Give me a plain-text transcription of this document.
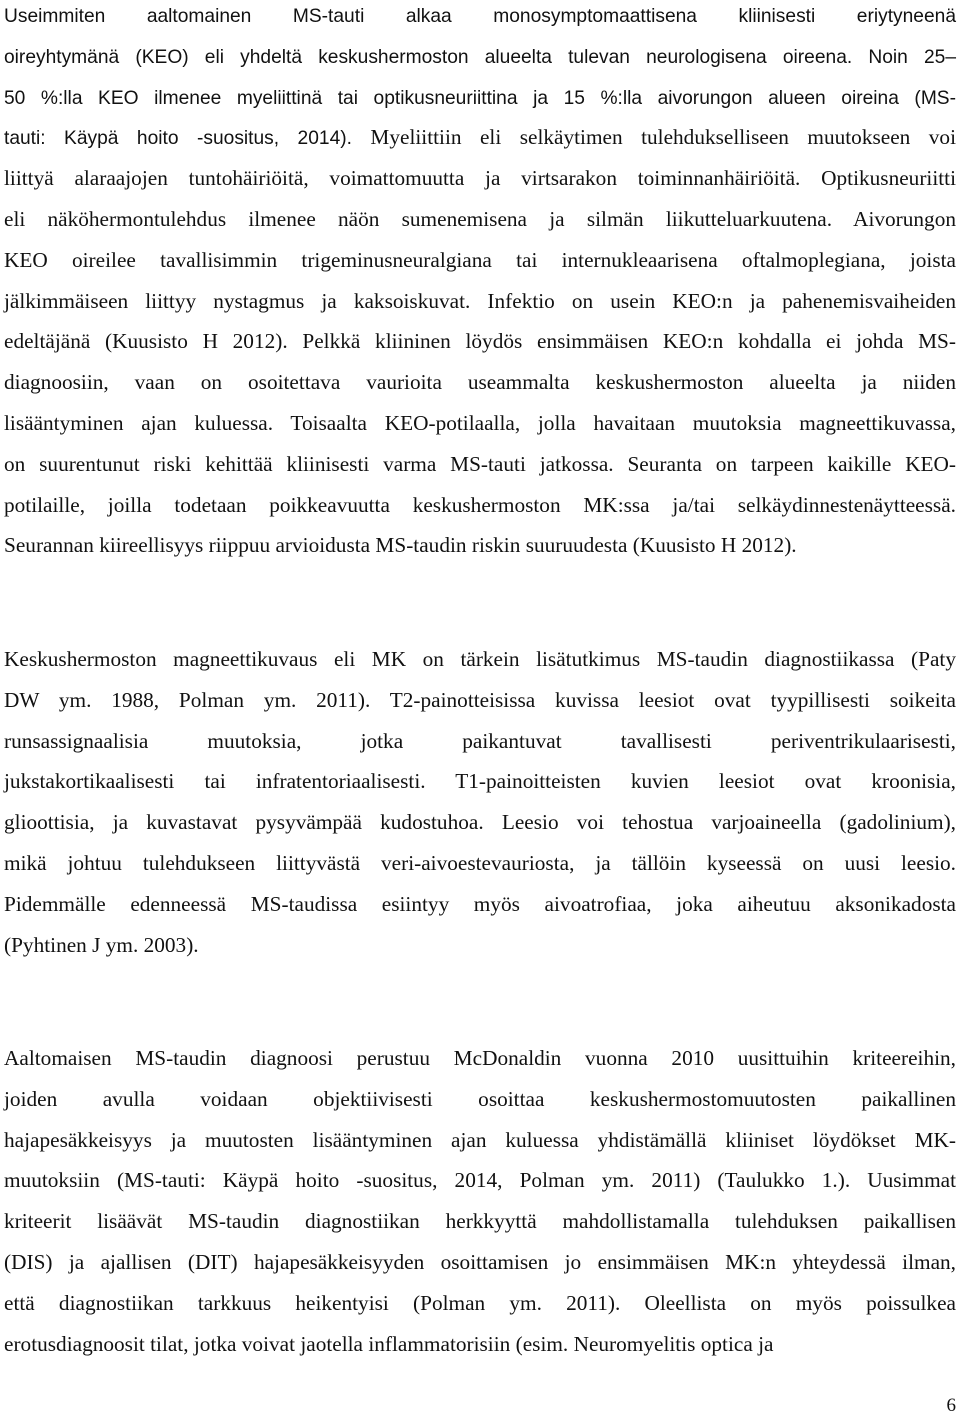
Useimmiten aaltomainen MS-tauti alkaa monosymptomaattisena kliinisesti eriytyneenä
oireyhtymänä (KEO) eli yhdeltä keskushermoston alueelta tulevan neurologisena oireena. Noin 25–
50 %:lla KEO ilmenee myeliittinä tai optikusneuriittina ja 15 %:lla aivorungon alueen oireina (MS-
tauti: Käypä hoito -suositus, 2014). Myeliittiin eli selkäytimen tulehdukselliseen muutokseen voi
liittyä alaraajojen tuntohäiriöitä, voimattomuutta ja virtsarakon toiminnanhäiriöitä. Optikusneuriitti
eli näköhermontulehdus ilmenee näön sumenemisena ja silmän liikutteluarkuutena. Aivorungon
KEO oireilee tavallisimmin trigeminusneuralgiana tai internukleaarisena oftalmoplegiana, joista
jälkimmäiseen liittyy nystagmus ja kaksoiskuvat. Infektio on usein KEO:n ja pahenemisvaiheiden
edeltäjänä (Kuusisto H 2012). Pelkkä kliininen löydös ensimmäisen KEO:n kohdalla ei johda MS-
diagnoosiin, vaan on osoitettava vaurioita useammalta keskushermoston alueelta ja niiden
lisääntyminen ajan kuluessa. Toisaalta KEO-potilaalla, jolla havaitaan muutoksia magneettikuvassa,
on suurentunut riski kehittää kliinisesti varma MS-tauti jatkossa. Seuranta on tarpeen kaikille KEO-
potilaille, joilla todetaan poikkeavuutta keskushermoston MK:ssa ja/tai selkäydinnestenäytteessä.
Seurannan kiireellisyys riippuu arvioidusta MS-taudin riskin suuruudesta (Kuusisto H 2012).
Keskushermoston magneettikuvaus eli MK on tärkein lisätutkimus MS-taudin diagnostiikassa (Paty
DW ym. 1988, Polman ym. 2011). T2-painotteisissa kuvissa leesiot ovat tyypillisesti soikeita
runsassignaalisia muutoksia, jotka paikantuvat tavallisesti periventrikulaarisesti,
jukstakortikaalisesti tai infratentoriaalisesti. T1-painoitteisten kuvien leesiot ovat kroonisia,
glioottisia, ja kuvastavat pysyvämpää kudostuhoa. Leesio voi tehostua varjoaineella (gadolinium),
mikä johtuu tulehdukseen liittyvästä veri-aivoestevauriosta, ja tällöin kyseessä on uusi leesio.
Pidemmälle edenneessä MS-taudissa esiintyy myös aivoatrofiaa, joka aiheutuu aksonikadosta
(Pyhtinen J ym. 2003).
Aaltomaisen MS-taudin diagnoosi perustuu McDonaldin vuonna 2010 uusittuihin kriteereihin,
joiden avulla voidaan objektiivisesti osoittaa keskushermostomuutosten paikallinen
hajapesäkkeisyys ja muutosten lisääntyminen ajan kuluessa yhdistämällä kliiniset löydökset MK-
muutoksiin (MS-tauti: Käypä hoito -suositus, 2014, Polman ym. 2011) (Taulukko 1.). Uusimmat
kriteerit lisäävät MS-taudin diagnostiikan herkkyyttä mahdollistamalla tulehduksen paikallisen
(DIS) ja ajallisen (DIT) hajapesäkkeisyyden osoittamisen jo ensimmäisen MK:n yhteydessä ilman,
että diagnostiikan tarkkuus heikentyisi (Polman ym. 2011). Oleellista on myös poissulkea
erotusdiagnoosit tilat, jotka voivat jaotella inflammatorisiin (esim. Neuromyelitis optica ja
6
